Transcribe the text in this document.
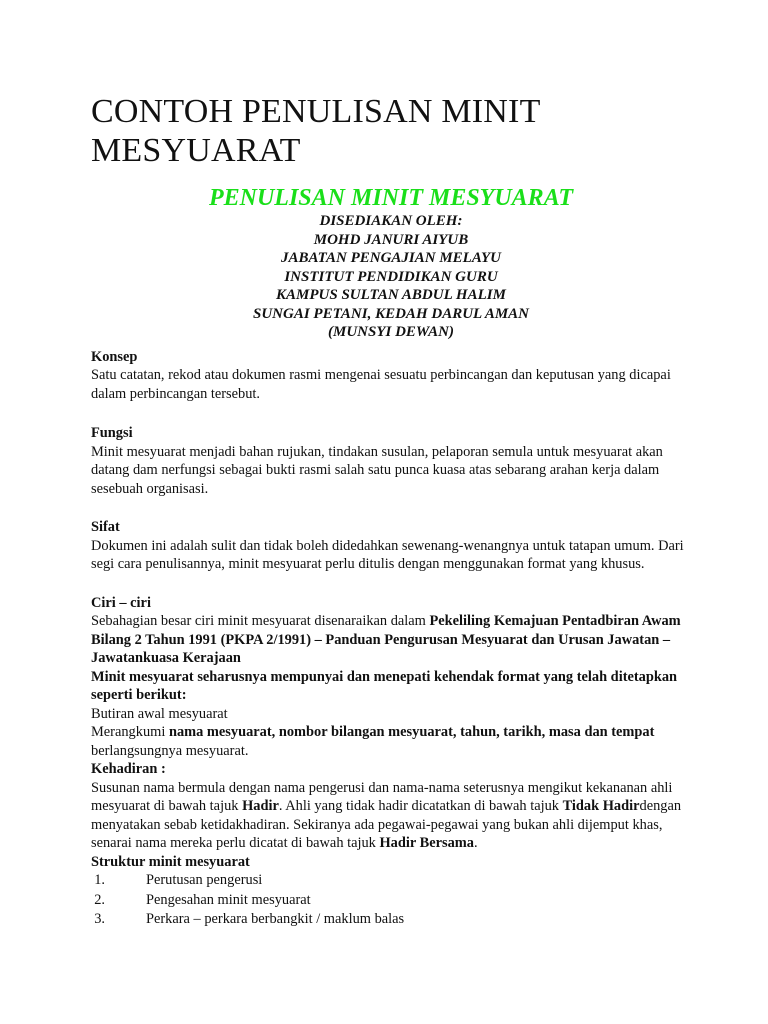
CONTOH PENULISAN MINIT MESYUARAT
PENULISAN MINIT MESYUARAT
DISEDIAKAN OLEH:
MOHD JANURI AIYUB
JABATAN PENGAJIAN MELAYU
INSTITUT PENDIDIKAN GURU
KAMPUS SULTAN ABDUL HALIM
SUNGAI PETANI, KEDAH DARUL AMAN
(MUNSYI DEWAN)
Konsep

Satu catatan, rekod atau dokumen rasmi mengenai sesuatu perbincangan dan keputusan yang dicapai dalam perbincangan tersebut.

Fungsi

Minit mesyuarat menjadi bahan rujukan, tindakan susulan, pelaporan semula untuk mesyuarat akan datang dam nerfungsi sebagai bukti rasmi salah satu punca kuasa atas sebarang arahan kerja dalam sesebuah organisasi.

Sifat

Dokumen ini adalah sulit dan tidak boleh didedahkan sewenang-wenangnya untuk tatapan umum. Dari segi cara penulisannya, minit mesyuarat perlu ditulis dengan menggunakan format yang khusus.

Ciri – ciri

Sebahagian besar ciri minit mesyuarat disenaraikan dalam Pekeliling Kemajuan Pentadbiran Awam Bilang 2 Tahun 1991 (PKPA 2/1991) – Panduan Pengurusan Mesyuarat dan Urusan Jawatan – Jawatankuasa Kerajaan

Minit mesyuarat seharusnya mempunyai dan menepati kehendak format yang telah ditetapkan seperti berikut:

Butiran awal mesyuarat

Merangkumi nama mesyuarat, nombor bilangan mesyuarat, tahun, tarikh, masa dan tempat berlangsungnya mesyuarat.

Kehadiran :

Susunan nama bermula dengan nama pengerusi dan nama-nama seterusnya mengikut kekananan ahli mesyuarat di bawah tajuk Hadir. Ahli yang tidak hadir dicatatkan di bawah tajuk Tidak Hadirdengan menyatakan sebab ketidakhadiran. Sekiranya ada pegawai-pegawai yang bukan ahli dijemput khas, senarai nama mereka perlu dicatat di bawah tajuk Hadir Bersama.

Struktur minit mesyuarat
1.	Perutusan pengerusi
2.	Pengesahan minit mesyuarat
3.	Perkara – perkara berbangkit / maklum balas
